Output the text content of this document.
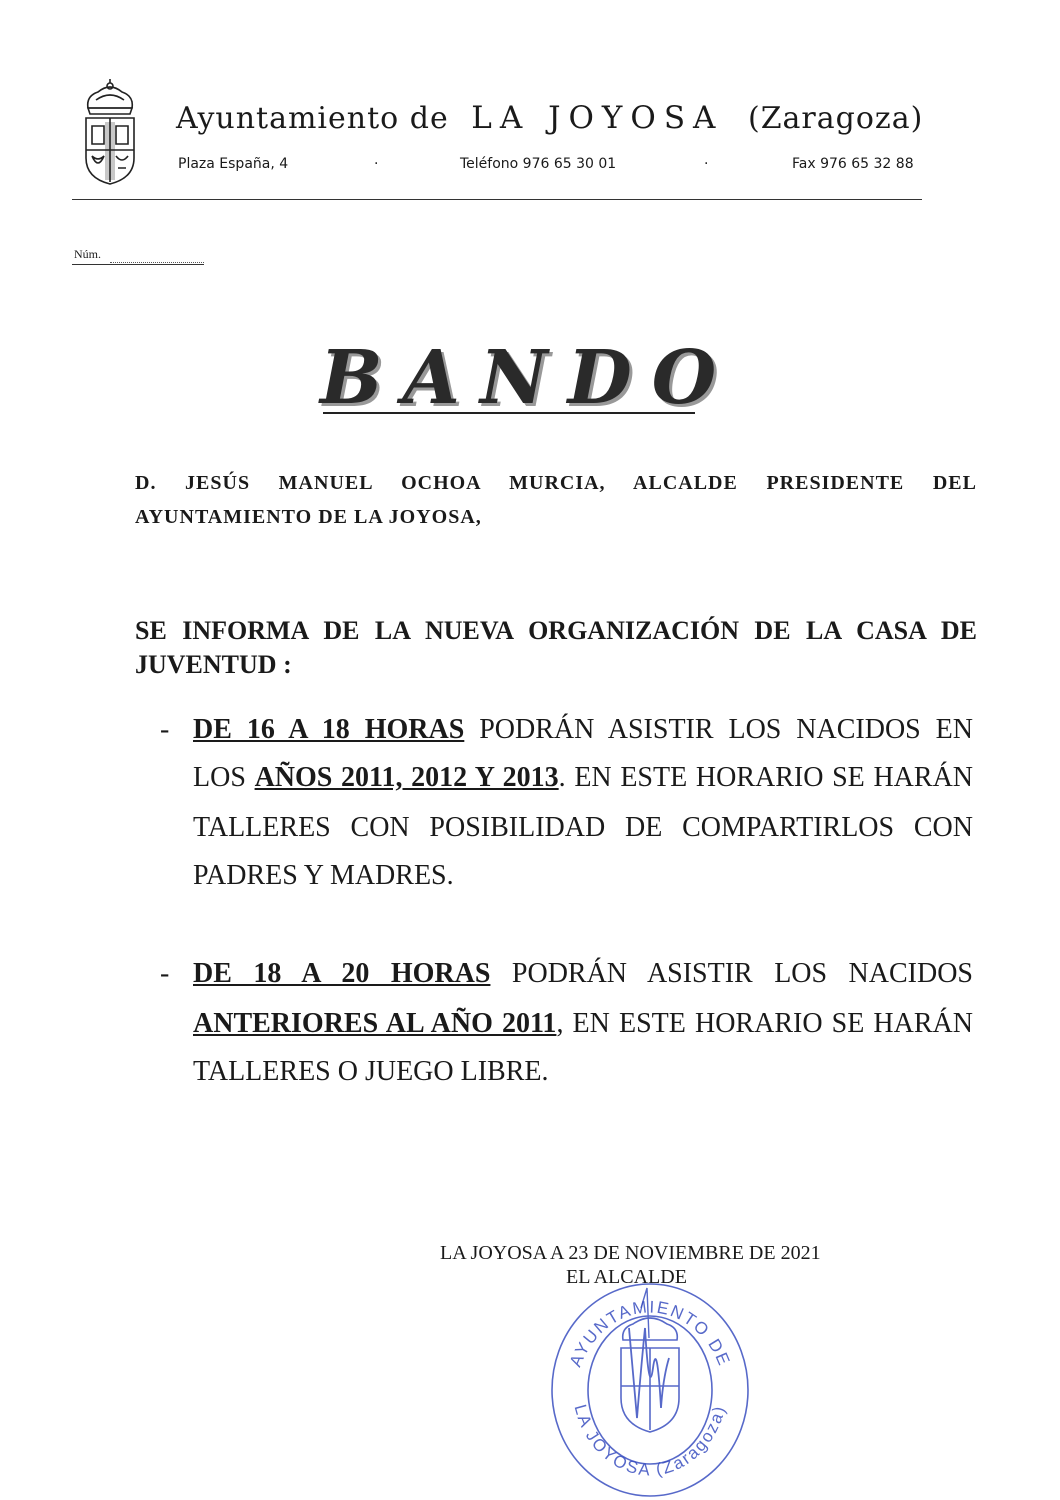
Ayuntamiento de LA JOYOSA (Zaragoza)
Plaza España, 4	·	Teléfono 976 65 30 01	·	Fax 976 65 32 88
Núm.
BANDO
D. JESÚS MANUEL OCHOA MURCIA, ALCALDE PRESIDENTE DEL
AYUNTAMIENTO DE LA JOYOSA,
SE INFORMA DE LA NUEVA ORGANIZACIÓN DE LA CASA DE
JUVENTUD :
- DE 16 A 18 HORAS PODRÁN ASISTIR LOS NACIDOS EN
LOS AÑOS 2011, 2012 Y 2013. EN ESTE HORARIO SE HARÁN
TALLERES CON POSIBILIDAD DE COMPARTIRLOS CON
PADRES Y MADRES.
- DE 18 A 20 HORAS PODRÁN ASISTIR LOS NACIDOS
ANTERIORES AL AÑO 2011, EN ESTE HORARIO SE HARÁN
TALLERES O JUEGO LIBRE.
LA JOYOSA A 23 DE NOVIEMBRE DE 2021
EL ALCALDE
AYUNTAMIENTO DE
LA JOYOSA (Zaragoza)
